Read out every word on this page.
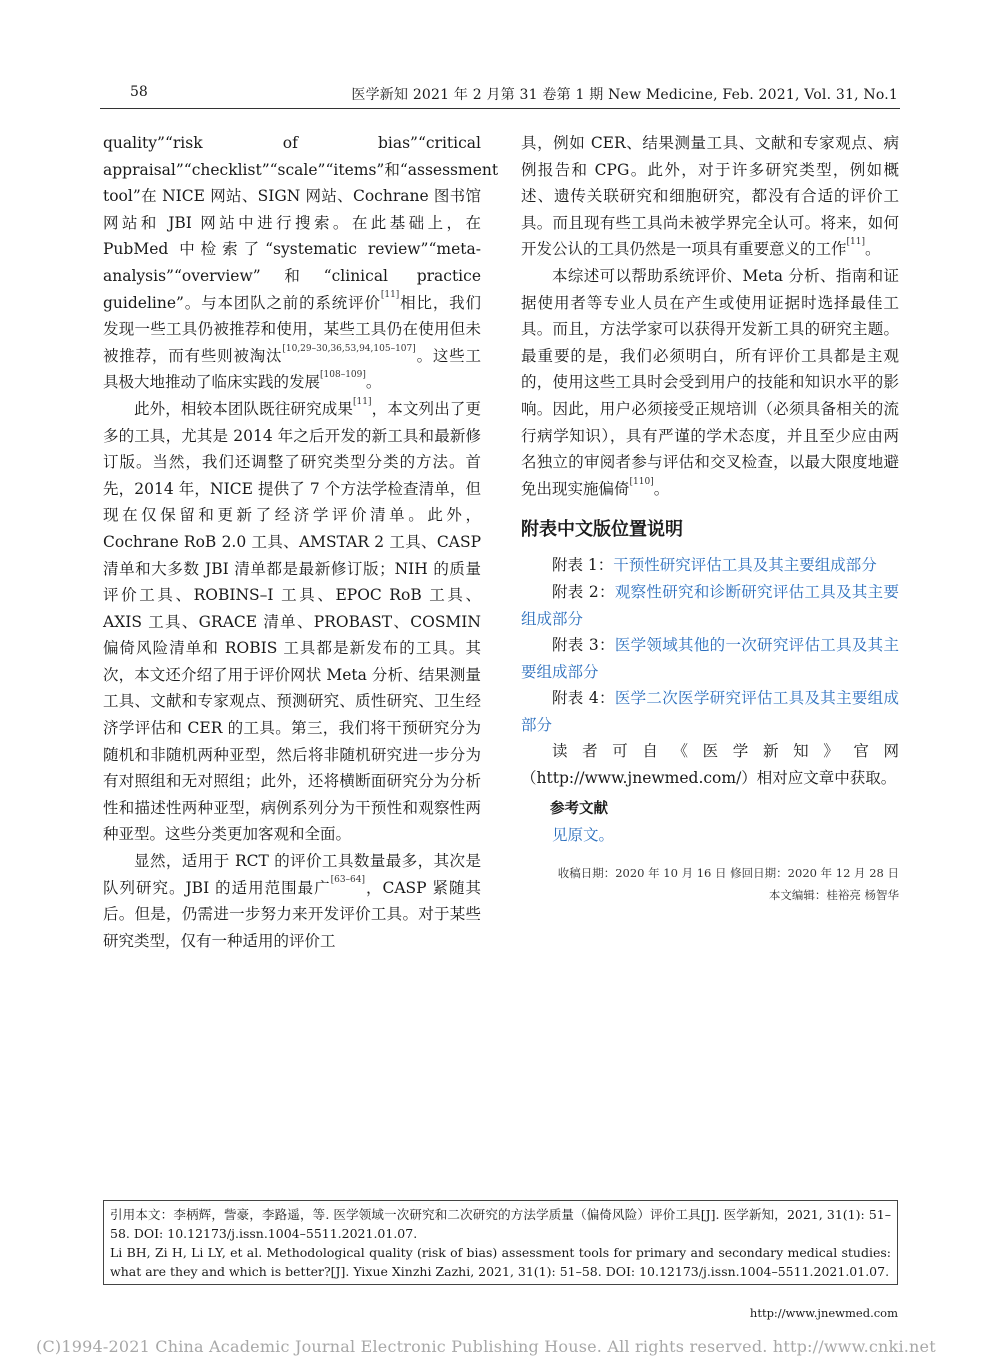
58	医学新知 2021 年 2 月第 31 卷第 1 期 New Medicine, Feb. 2021, Vol. 31, No.1

quality”“risk of bias”“critical appraisal”“checklist”“scale”“items”和“assessment tool”在 NICE 网站、SIGN 网站、Cochrane 图书馆网站和 JBI 网站中进行搜索。在此基础上，在 PubMed 中检索了“systematic review”“meta-analysis”“overview”和“clinical practice guideline”。与本团队之前的系统评价[11]相比，我们发现一些工具仍被推荐和使用，某些工具仍在使用但未被推荐，而有些则被淘汰[10,29–30,36,53,94,105–107]。这些工具极大地推动了临床实践的发展[108–109]。

此外，相较本团队既往研究成果[11]，本文列出了更多的工具，尤其是 2014 年之后开发的新工具和最新修订版。当然，我们还调整了研究类型分类的方法。首先，2014 年，NICE 提供了 7 个方法学检查清单，但现在仅保留和更新了经济学评价清单。此外，Cochrane RoB 2.0 工具、AMSTAR 2 工具、CASP 清单和大多数 JBI 清单都是最新修订版；NIH 的质量评价工具、ROBINS–I 工具、EPOC RoB 工具、AXIS 工具、GRACE 清单、PROBAST、COSMIN 偏倚风险清单和 ROBIS 工具都是新发布的工具。其次，本文还介绍了用于评价网状 Meta 分析、结果测量工具、文献和专家观点、预测研究、质性研究、卫生经济学评估和 CER 的工具。第三，我们将干预研究分为随机和非随机两种亚型，然后将非随机研究进一步分为有对照组和无对照组；此外，还将横断面研究分为分析性和描述性两种亚型，病例系列分为干预性和观察性两种亚型。这些分类更加客观和全面。

显然，适用于 RCT 的评价工具数量最多，其次是队列研究。JBI 的适用范围最广[63–64]，CASP 紧随其后。但是，仍需进一步努力来开发评价工具。对于某些研究类型，仅有一种适用的评价工

具，例如 CER、结果测量工具、文献和专家观点、病例报告和 CPG。此外，对于许多研究类型，例如概述、遗传关联研究和细胞研究，都没有合适的评价工具。而且现有些工具尚未被学界完全认可。将来，如何开发公认的工具仍然是一项具有重要意义的工作[11]。

本综述可以帮助系统评价、Meta 分析、指南和证据使用者等专业人员在产生或使用证据时选择最佳工具。而且，方法学家可以获得开发新工具的研究主题。最重要的是，我们必须明白，所有评价工具都是主观的，使用这些工具时会受到用户的技能和知识水平的影响。因此，用户必须接受正规培训（必须具备相关的流行病学知识），具有严谨的学术态度，并且至少应由两名独立的审阅者参与评估和交叉检查，以最大限度地避免出现实施偏倚[110]。

附表中文版位置说明

附表 1：干预性研究评估工具及其主要组成部分

附表 2：观察性研究和诊断研究评估工具及其主要组成部分

附表 3：医学领域其他的一次研究评估工具及其主要组成部分

附表 4：医学二次医学研究评估工具及其主要组成部分

读者可自《医学新知》官网（http://www.jnewmed.com/）相对应文章中获取。

参考文献
见原文。
收稿日期：2020 年 10 月 16 日 修回日期：2020 年 12 月 28 日
本文编辑：桂裕亮 杨智华

引用本文：李柄辉，訾豪，李路遥，等. 医学领域一次研究和二次研究的方法学质量（偏倚风险）评价工具[J]. 医学新知，2021, 31(1): 51–58. DOI: 10.12173/j.issn.1004–5511.2021.01.07.

Li BH, Zi H, Li LY, et al. Methodological quality (risk of bias) assessment tools for primary and secondary medical studies: what are they and which is better?[J]. Yixue Xinzhi Zazhi, 2021, 31(1): 51–58. DOI: 10.12173/j.issn.1004–5511.2021.01.07.

http://www.jnewmed.com
(C)1994-2021 China Academic Journal Electronic Publishing House. All rights reserved. http://www.cnki.net
